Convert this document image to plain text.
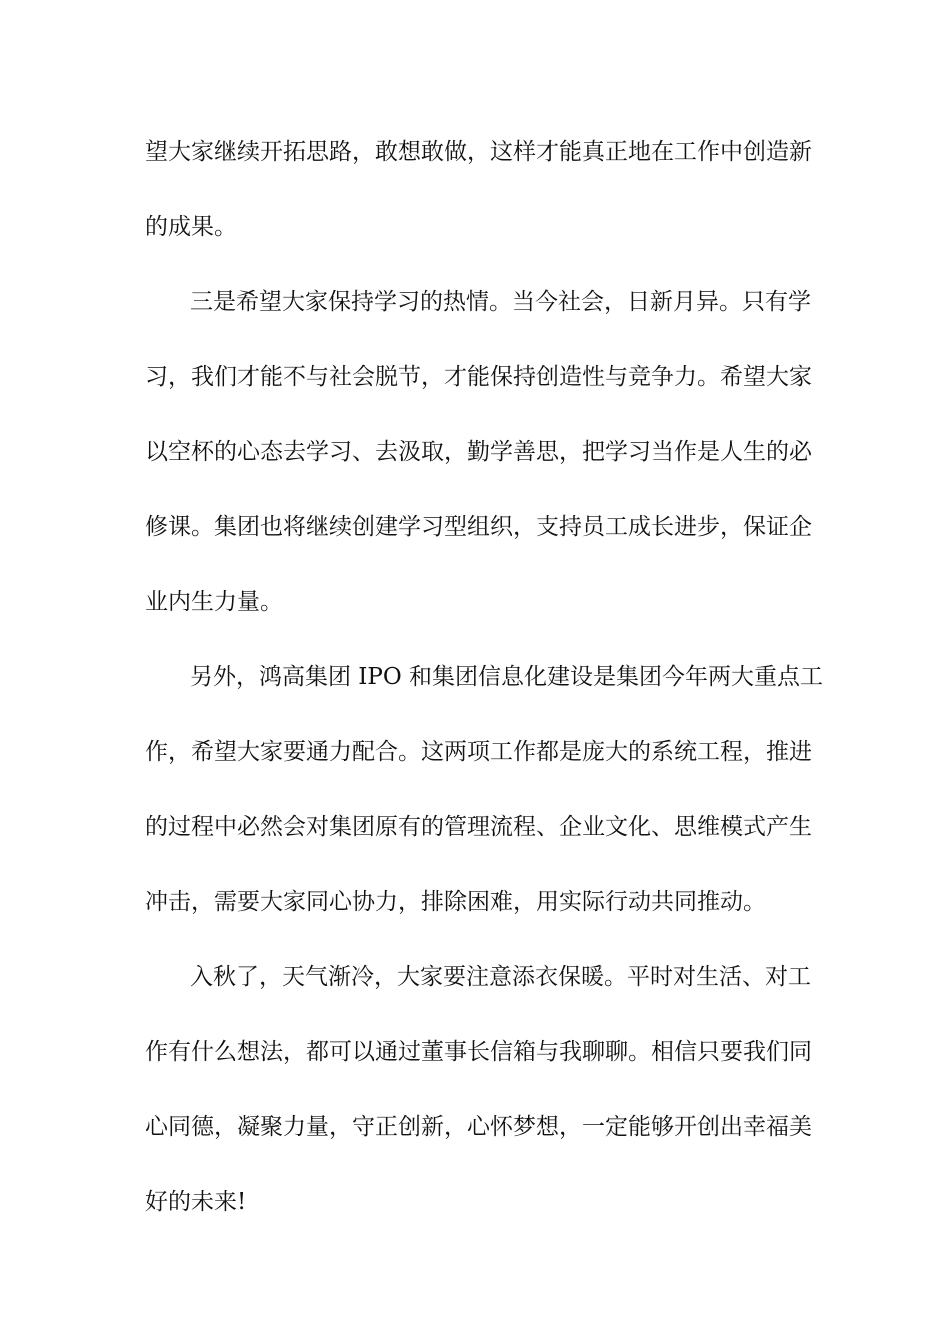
望大家继续开拓思路，敢想敢做，这样才能真正地在工作中创造新
的成果。
三是希望大家保持学习的热情。当今社会，日新月异。只有学
习，我们才能不与社会脱节，才能保持创造性与竞争力。希望大家
以空杯的心态去学习、去汲取，勤学善思，把学习当作是人生的必
修课。集团也将继续创建学习型组织，支持员工成长进步，保证企
业内生力量。
另外，鸿高集团 IPO 和集团信息化建设是集团今年两大重点工
作，希望大家要通力配合。这两项工作都是庞大的系统工程，推进
的过程中必然会对集团原有的管理流程、企业文化、思维模式产生
冲击，需要大家同心协力，排除困难，用实际行动共同推动。
入秋了，天气渐冷，大家要注意添衣保暖。平时对生活、对工
作有什么想法，都可以通过董事长信箱与我聊聊。相信只要我们同
心同德，凝聚力量，守正创新，心怀梦想，一定能够开创出幸福美
好的未来!
